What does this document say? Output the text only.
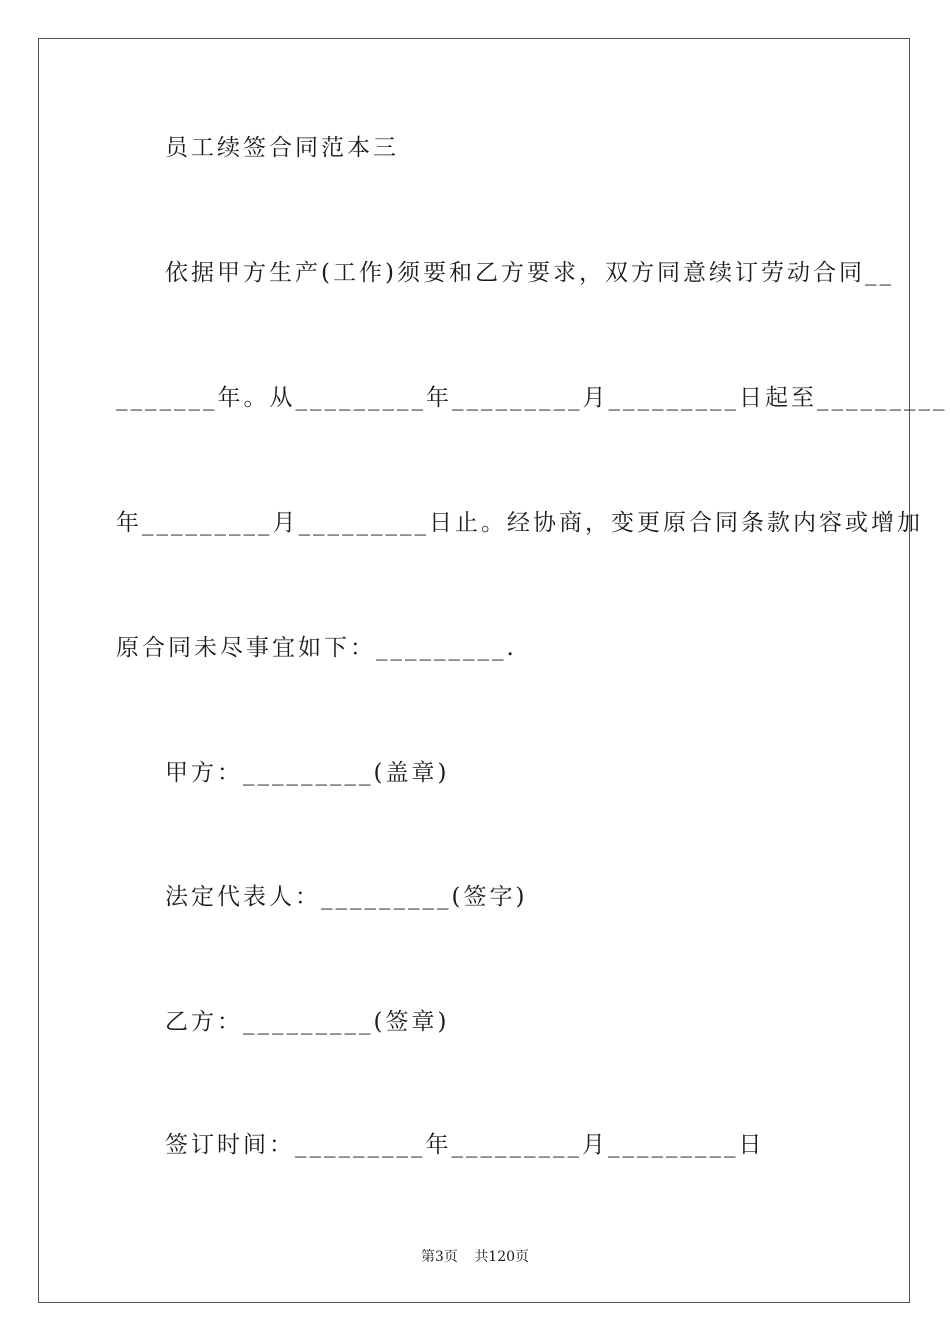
员工续签合同范本三
依据甲方生产(工作)须要和乙方要求，双方同意续订劳动合同__
_______年。从_________年_________月_________日起至_________
年_________月_________日止。经协商，变更原合同条款内容或增加
原合同未尽事宜如下：_________.
甲方：_________(盖章)
法定代表人：_________(签字)
乙方：_________(签章)
签订时间：_________年_________月_________日
第3页 共120页
